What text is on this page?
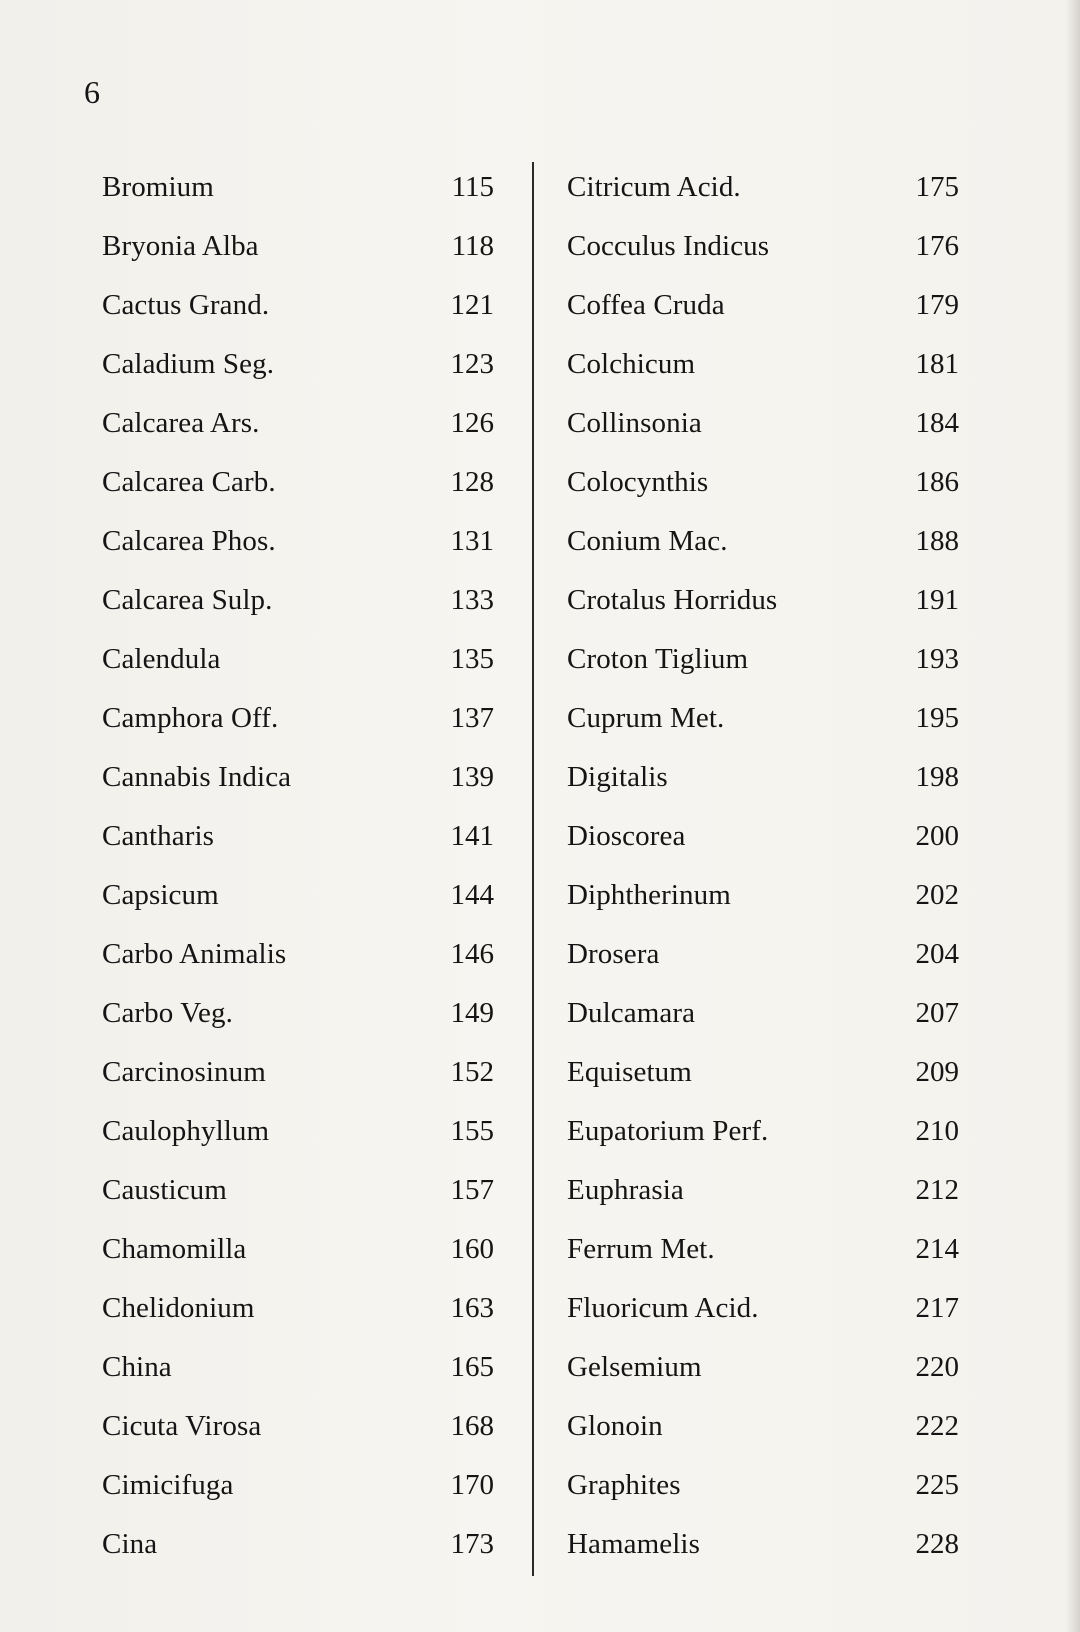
6
Bromium	115
Bryonia Alba	118
Cactus Grand.	121
Caladium Seg.	123
Calcarea Ars.	126
Calcarea Carb.	128
Calcarea Phos.	131
Calcarea Sulp.	133
Calendula	135
Camphora Off.	137
Cannabis Indica	139
Cantharis	141
Capsicum	144
Carbo Animalis	146
Carbo Veg.	149
Carcinosinum	152
Caulophyllum	155
Causticum	157
Chamomilla	160
Chelidonium	163
China	165
Cicuta Virosa	168
Cimicifuga	170
Cina	173
Citricum Acid.	175
Cocculus Indicus	176
Coffea Cruda	179
Colchicum	181
Collinsonia	184
Colocynthis	186
Conium Mac.	188
Crotalus Horridus	191
Croton Tiglium	193
Cuprum Met.	195
Digitalis	198
Dioscorea	200
Diphtherinum	202
Drosera	204
Dulcamara	207
Equisetum	209
Eupatorium Perf.	210
Euphrasia	212
Ferrum Met.	214
Fluoricum Acid.	217
Gelsemium	220
Glonoin	222
Graphites	225
Hamamelis	228
